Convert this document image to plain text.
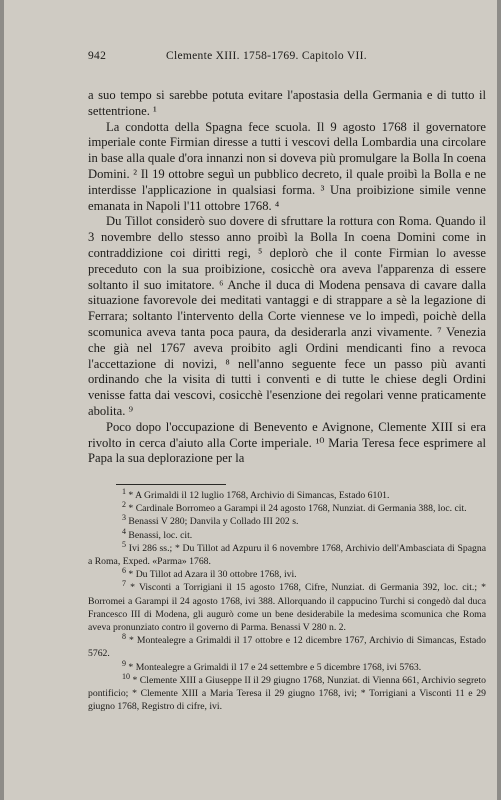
942	Clemente XIII. 1758-1769. Capitolo VII.

a suo tempo si sarebbe potuta evitare l'apostasia della Germania e di tutto il settentrione. ¹

La condotta della Spagna fece scuola. Il 9 agosto 1768 il governatore imperiale conte Firmian diresse a tutti i vescovi della Lombardia una circolare in base alla quale d'ora innanzi non si doveva più promulgare la Bolla In coena Domini. ² Il 19 ottobre seguì un pubblico decreto, il quale proibì la Bolla e ne interdisse l'applicazione in qualsiasi forma. ³ Una proibizione simile venne emanata in Napoli l'11 ottobre 1768. ⁴

Du Tillot considerò suo dovere di sfruttare la rottura con Roma. Quando il 3 novembre dello stesso anno proibì la Bolla In coena Domini come in contraddizione coi diritti regi, ⁵ deplorò che il conte Firmian lo avesse preceduto con la sua proibizione, cosicchè ora aveva l'apparenza di essere soltanto il suo imitatore. ⁶ Anche il duca di Modena pensava di cavare dalla situazione favorevole dei meditati vantaggi e di strappare a sè la legazione di Ferrara; soltanto l'intervento della Corte viennese ve lo impedì, poichè della scomunica aveva tanta poca paura, da desiderarla anzi vivamente. ⁷ Venezia che già nel 1767 aveva proibito agli Ordini mendicanti fino a revoca l'accettazione di novizi, ⁸ nell'anno seguente fece un passo più avanti ordinando che la visita di tutti i conventi e di tutte le chiese degli Ordini venisse fatta dai vescovi, cosicchè l'esenzione dei regolari venne praticamente abolita. ⁹

Poco dopo l'occupazione di Benevento e Avignone, Clemente XIII si era rivolto in cerca d'aiuto alla Corte imperiale. ¹⁰ Maria Teresa fece esprimere al Papa la sua deplorazione per la

$^1$ * A Grimaldi il 12 luglio 1768, Archivio di Simancas, Estado 6101.

$^2$ * Cardinale Borromeo a Garampi il 24 agosto 1768, Nunziat. di Germania 388, loc. cit.

$^3$ Benassi V 280; Danvila y Collado III 202 s.

$^4$ Benassi, loc. cit.

$^5$ Ivi 286 ss.; * Du Tillot ad Azpuru il 6 novembre 1768, Archivio dell'Ambasciata di Spagna a Roma, Exped. «Parma» 1768.

$^6$ * Du Tillot ad Azara il 30 ottobre 1768, ivi.

$^7$ * Visconti a Torrigiani il 15 agosto 1768, Cifre, Nunziat. di Germania 392, loc. cit.; * Borromei a Garampi il 24 agosto 1768, ivi 388. Allorquando il cappucino Turchi si congedò dal duca Francesco III di Modena, gli augurò come un bene desiderabile la medesima scomunica che Roma aveva pronunziato contro il governo di Parma. Benassi V 280 n. 2.

$^8$ * Montealegre a Grimaldi il 17 ottobre e 12 dicembre 1767, Archivio di Simancas, Estado 5762.

$^9$ * Montealegre a Grimaldi il 17 e 24 settembre e 5 dicembre 1768, ivi 5763.

$^{10}$ * Clemente XIII a Giuseppe II il 29 giugno 1768, Nunziat. di Vienna 661, Archivio segreto pontificio; * Clemente XIII a Maria Teresa il 29 giugno 1768, ivi; * Torrigiani a Visconti 11 e 29 giugno 1768, Registro di cifre, ivi.
